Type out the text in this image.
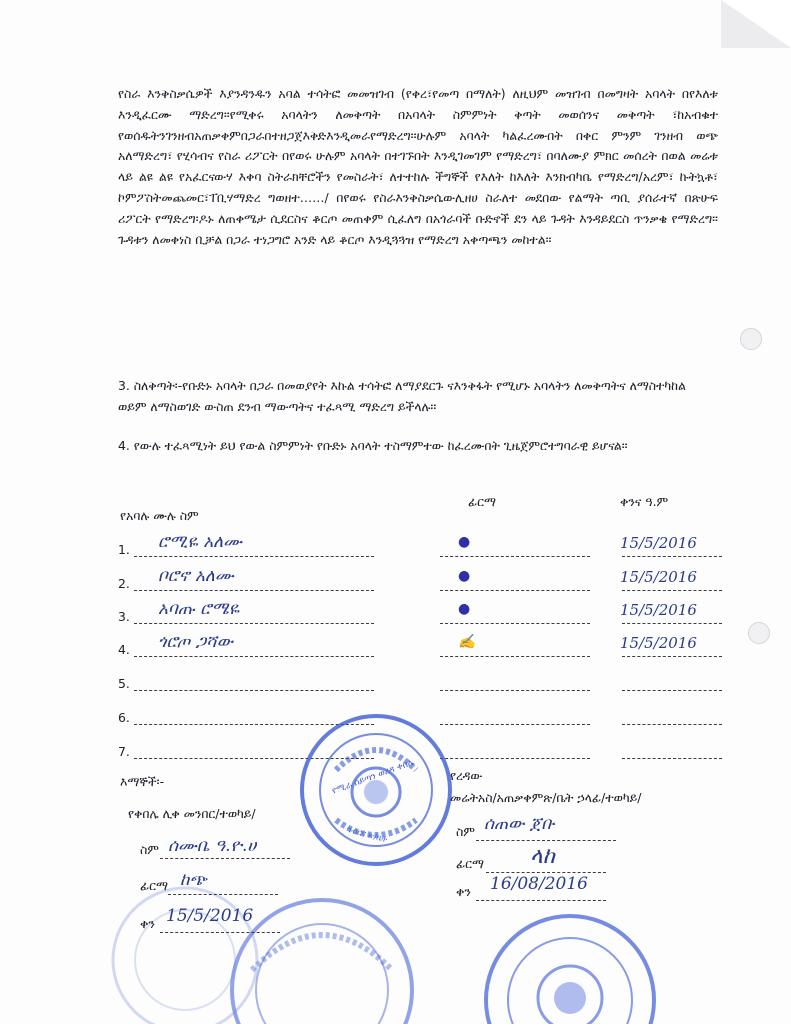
የስራ እንቅስቃሴዎች እያንዳንዱን አባል ተሳትፎ መመዝገብ (የቀረ፣የመጣ በማለት) ለዚህም መዝገብ በመግዛት አባላት በየእለቱ እንዲፈርሙ ማድረግ፡፡የሚቀሩ አባላትን ለመቅጣት በአባላት ስምምነት ቅጣት መወሰንና መቅጣት ፣ከአብቁተ የወሰዱትንገንዘብአጠቃቀምበጋራበተዘጋጀእቅድእንዲመራየማድረግ፡፡ሁሉም አባላት ካልፈረሙበት በቀር ምንም ገንዘብ ወጭ አለማድረግ፣ የሂሳብና የስራ ሪፖርት በየወሩ ሁሉም አባላት በተገኙበት እንዲገመገም የማድረግ፣ በባለሙያ ምክር መሰረት በወል መሬቱ ላይ ልዩ ልዩ የአፈርናውሃ እቀባ ስትራክቸሮችን የመስራት፣ ለተተከሉ ችግኞች የእለት ከእለት እንክብካቤ የማድረግ/አረም፣ ኩትኳቶ፣ ኮምፖስትመጨመር፣ፐቢሃማድረ ግወዘተ……/ በየወሩ የስራእንቅስቃሴውሊዘሀ ስራለተ መደበው የልማት ጣቢ ያሰራተኛ በጽሁፍ ሪፖርት የማድረግ፡ዶኑ ለጠቀሜታ ሲደርስና ቆርጦ መጠቀም ሲፈለግ በአጎራባች ቡድኖች ደን ላይ ጉዳት እንዳይደርስ ጥንቃቄ የማድረግ፡፡ ጉዳቱን ለመቀነስ ቢቻል በጋራ ተነጋግሮ አንድ ላይ ቆርጦ እንዲጓጓዝ የማድረግ አቀጣጫን መከተል፡፡

3. ስለቅጣት፡-የቡድኑ አባላት በጋራ በመወያየት እኩል ተሳትፎ ለማያደርጉ ናእንቅፋት የሚሆኑ አባላትን ለመቅጣትና ለማስተካከል ወይም ለማስወገድ ውስጠ ደንብ ማውጣትና ተፈጻሚ ማድረግ ይችላሉ፡፡
4. የውሉ ተፈጻሚነት ይህ የውል ስምምነት የቡድኑ አባላት ተስማምተው ከፈረሙበት ጊዜጀምሮተግባራዊ ይሆናል፡፡
የአባሉ ሙሉ ስም
ፊርማ	ቀንና ዓ.ም
1. ሮሚዬ አለሙ	●	15/5/2016
2. ቦሮኖ አለሙ	●	15/5/2016
3. አባጡ ሮሜዬ	●	15/5/2016
4. ጎሮጦ ጋሻው	✍	15/5/2016
5.
6.
7.
የሚራ ሰይጣን ወረዳ ቀበሌ
ግብርና ጽ/ቤት
እማኞች፡-
የቀበሌ ሊቀ መንበር/ተወካይ/
ስም ሰሙቤ ዓ.ዮ.ሀ
ፊርማ ከጭ
ቀን 15/5/2016
የረዳው
መሬትአስ/አጠቃቀምጽ/ቤት ኃላፊ/ተወካይ/
ስም ሰጠው ጀቡ
ፊርማ ላከ
ቀን 16/08/2016
